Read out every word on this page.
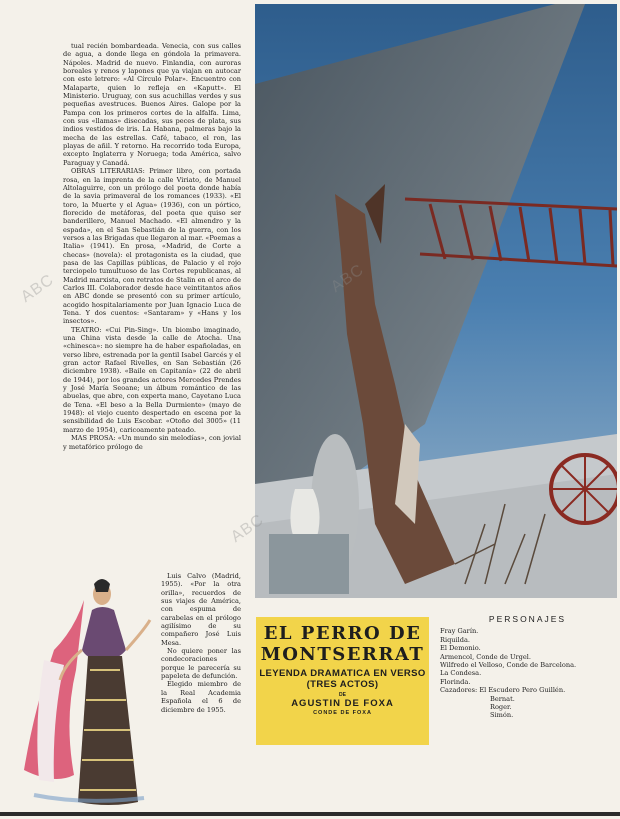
tual recién bombardeada. Venecia, con sus calles de agua, a donde llega en góndola la primavera. Nápoles. Madrid de nuevo. Finlandia, con auroras boreales y renos y lapones que ya viajan en autocar con este letrero: «Al Círculo Polar». Encuentro con Malaparte, quien lo refleja en «Kaputt». El Ministerio. Uruguay, con sus acuchillas verdes y sus pequeñas avestruces. Buenos Aires. Galope por la Pampa con los primeros cortes de la alfalfa. Lima, con sus «llamas» disecadas, sus peces de plata, sus indios vestidos de iris. La Habana, palmeras bajo la mecha de las estrellas. Café, tabaco, el ron, las playas de añil. Y retorno. Ha recorrido toda Europa, excepto Inglaterra y Noruega; toda América, salvo Paraguay y Canadá.

OBRAS LITERARIAS: Primer libro, con portada rosa, en la imprenta de la calle Viriato, de Manuel Altolaguirre, con un prólogo del poeta donde había de la savia primaveral de los romances (1933). «El toro, la Muerte y el Agua» (1936), con un pórtico, florecido de metáforas, del poeta que quiso ser banderillero, Manuel Machado. «El almendro y la espada», en el San Sebastián de la guerra, con los versos a las Brigadas que llegaron al mar. «Poemas a Italia» (1941). En prosa, «Madrid, de Corte a checas» (novela): el protagonista es la ciudad, que pasa de las Capillas públicas, de Palacio y el rojo terciopelo tumultuoso de las Cortes republicanas, al Madrid marxista, con retratos de Stalin en el arco de Carlos III. Colaborador desde hace veintitantos años en ABC donde se presentó con su primer artículo, acogido hospitalariamente por Juan Ignacio Luca de Tena. Y dos cuentos: «Santaram» y «Hans y los insectos».

TEATRO: «Cui Pin-Sing». Un biombo imaginado, una China vista desde la calle de Atocha. Una «chinesca»: no siempre ha de haber españoladas, en verso libre, estrenada por la gentil Isabel Garcés y el gran actor Rafael Rivelles, en San Sebastián (26 diciembre 1938). «Baile en Capitanía» (22 de abril de 1944), por los grandes actores Mercedes Prendes y José María Seoane; un álbum romántico de las abuelas, que abre, con experta mano, Cayetano Luca de Tena. «El beso a la Bella Durmiente» (mayo de 1948): el viejo cuento despertado en escena por la sensibilidad de Luis Escobar. «Otoño del 3005» (11 marzo de 1954), caricoamente pateado.

MAS PROSA: «Un mundo sin melodías», con jovial y metafórico prólogo de

Luis Calvo (Madrid, 1955). «Por la otra orilla», recuerdos de sus viajes de América, con espuma de carabelas en el prólogo agilísimo de su compañero José Luis Mesa.

No quiere poner las condecoraciones porque le parecería su papeleta de defunción.

Elegido miembro de la Real Academia Española el 6 de diciembre de 1955.

ABC
ABC
ABC
EL PERRO DE MONTSERRAT
LEYENDA DRAMATICA EN VERSO (TRES ACTOS)
DE
AGUSTIN DE FOXA
CONDE DE FOXA
PERSONAJES
Fray Garín.
Riquilda.
El Demonio.
Armencol, Conde de Urgel.
Wilfredo el Velloso, Conde de Barcelona.
La Condesa.
Florinda.
Cazadores: El Escudero Pero Guillén.
Bernat.
Roger.
Simón.
